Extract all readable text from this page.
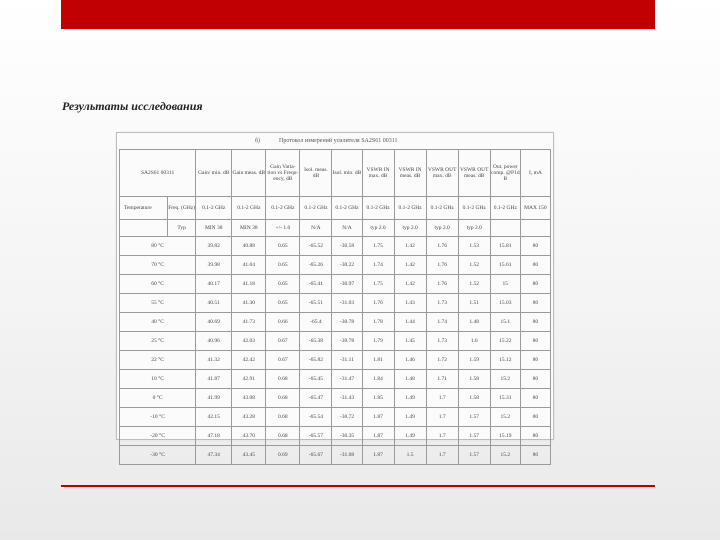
Результаты исследования
б)	Протокол измерений усилителя SA2S61 00311
SA2S61 00311		Gain/ min. dB	Gain meas. dB	Gain Varia- tion vs Frequ- ency, dB	Isol. meas. dB	Isol. min. dB	VSWR IN max. dB	VSWR IN meas. dB	VSWR OUT max. dB	VSWR OUT meas. dB	Out. power comp. @P1d B	I, mA
Temperature	Freq. (GHz)	0.1-2 GHz	0.1-2 GHz	0.1-2 GHz	0.1-2 GHz	0.1-2 GHz	0.1-2 GHz	0.1-2 GHz	0.1-2 GHz	0.1-2 GHz	0.1-2 GHz	MAX 150
	Typ	MIN 38	MIN 38	+/- 1.0	N/A	N/A	typ 2.0	typ 2.0	typ 2.0	typ 2.0		
80 °C		39.82	40.88	0.65	-65.52	-30.58	1.75	1.42	1.76	1.53	15.81	80
70 °C		39.98	41.04	0.65	-65.26	-30.22	1.74	1.42	1.76	1.52	15.61	80
60 °C		40.17	41.18	0.65	-65.41	-30.97	1.75	1.42	1.76	1.52	15	80
55 °C		40.51	41.30	0.65	-65.51	-31.03	1.76	1.43	1.73	1.51	15.03	80
40 °C		40.69	41.73	0.66	-65.4	-30.78	1.78	1.44	1.74	1.48	15.1	80
25 °C		40.96	42.03	0.67	-65.38	-30.78	1.79	1.45	1.73	1.6	15.22	80
22 °C		41.32	42.42	0.67	-65.82	-31.11	1.81	1.46	1.72	1.59	15.12	80
10 °C		41.87	42.91	0.68	-65.45	-31.47	1.84	1.48	1.71	1.58	15.2	80
0 °C		41.99	43.08	0.68	-65.47	-31.43	1.85	1.49	1.7	1.58	15.31	80
-10 °C		42.15	43.28	0.68	-65.54	-30.72	1.87	1.49	1.7	1.57	15.2	80
-20 °C		47.18	43.70	0.68	-65.57	-30.35	1.87	1.49	1.7	1.57	15.19	80
-30 °C		47.34	43.45	0.69	-65.67	-31.08	1.87	1.5	1.7	1.57	15.2	80
